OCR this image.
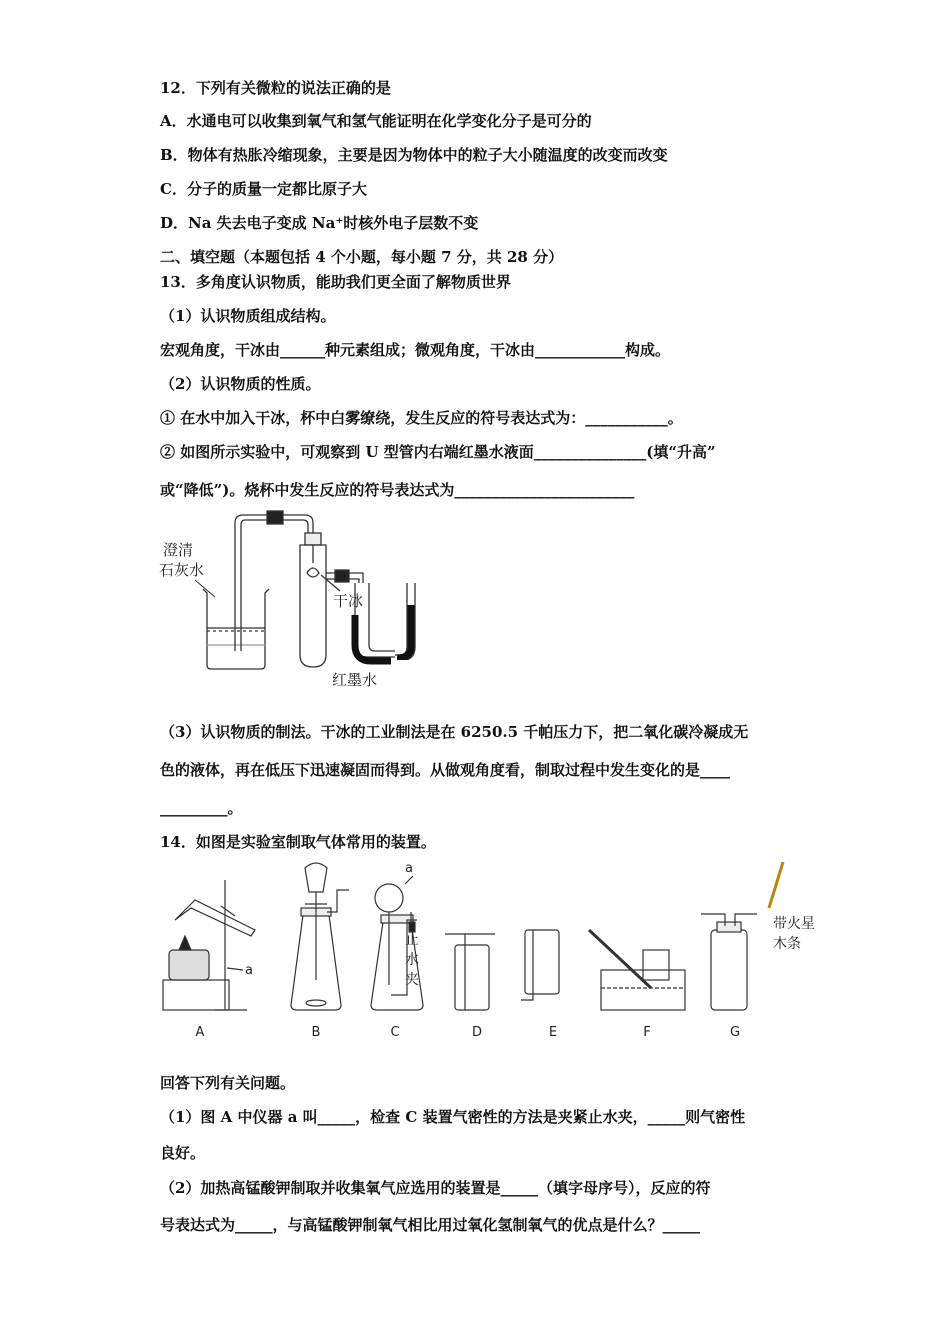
12．下列有关微粒的说法正确的是
A．水通电可以收集到氧气和氢气能证明在化学变化分子是可分的
B．物体有热胀冷缩现象，主要是因为物体中的粒子大小随温度的改变而改变
C．分子的质量一定都比原子大
D．Na 失去电子变成 Na⁺时核外电子层数不变
二、填空题（本题包括 4 个小题，每小题 7 分，共 28 分）
13．多角度认识物质，能助我们更全面了解物质世界
（1）认识物质组成结构。
宏观角度，干冰由______种元素组成；微观角度，干冰由____________构成。
（2）认识物质的性质。
① 在水中加入干冰，杯中白雾缭绕，发生反应的符号表达式为：___________。
② 如图所示实验中，可观察到 U 型管内右端红墨水液面_______________(填“升高”
或“降低”)。烧杯中发生反应的符号表达式为________________________
澄清
石灰水
干冰
红墨水
（3）认识物质的制法。干冰的工业制法是在 6250.5 千帕压力下，把二氧化碳冷凝成无
色的液体，再在低压下迅速凝固而得到。从做观角度看，制取过程中发生变化的是____
_________。
14．如图是实验室制取气体常用的装置。
A	B	C	D	E	F	G
a
a
止
水
夹
带火星
木条
回答下列有关问题。
（1）图 A 中仪器 a 叫_____，检查 C 装置气密性的方法是夹紧止水夹，_____则气密性
良好。
（2）加热高锰酸钾制取并收集氧气应选用的装置是_____（填字母序号），反应的符
号表达式为_____，与高锰酸钾制氧气相比用过氧化氢制氧气的优点是什么？_____
